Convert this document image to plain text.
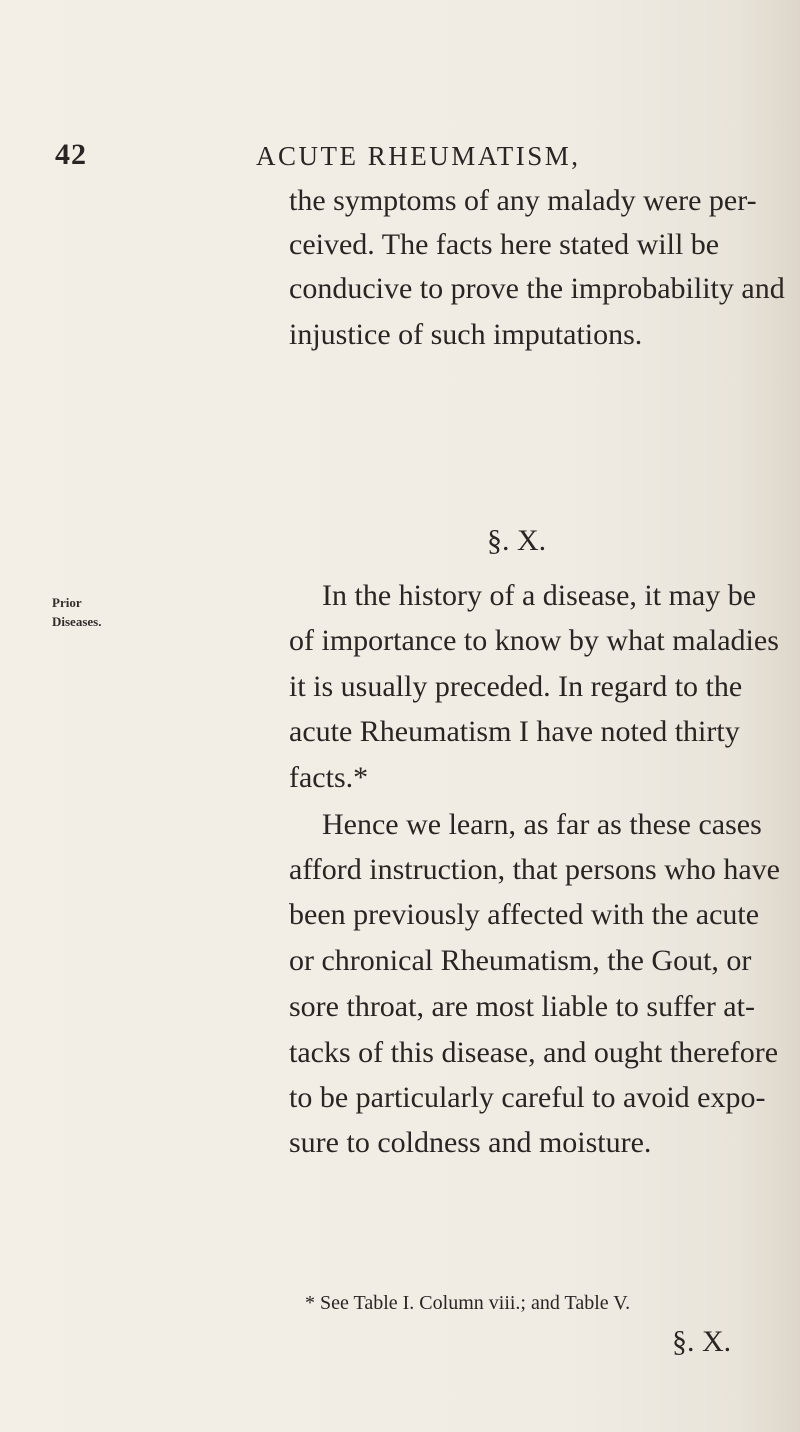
42	ACUTE RHEUMATISM,
the symptoms of any malady were per-
ceived. The facts here stated will be
conducive to prove the improbability and
injustice of such imputations.
§. X.
Prior
Diseases.
In the history of a disease, it may be
of importance to know by what maladies
it is usually preceded. In regard to the
acute Rheumatism I have noted thirty
facts.*
Hence we learn, as far as these cases
afford instruction, that persons who have
been previously affected with the acute
or chronical Rheumatism, the Gout, or
sore throat, are most liable to suffer at-
tacks of this disease, and ought therefore
to be particularly careful to avoid expo-
sure to coldness and moisture.
* See Table I. Column viii.; and Table V.
§. X.
